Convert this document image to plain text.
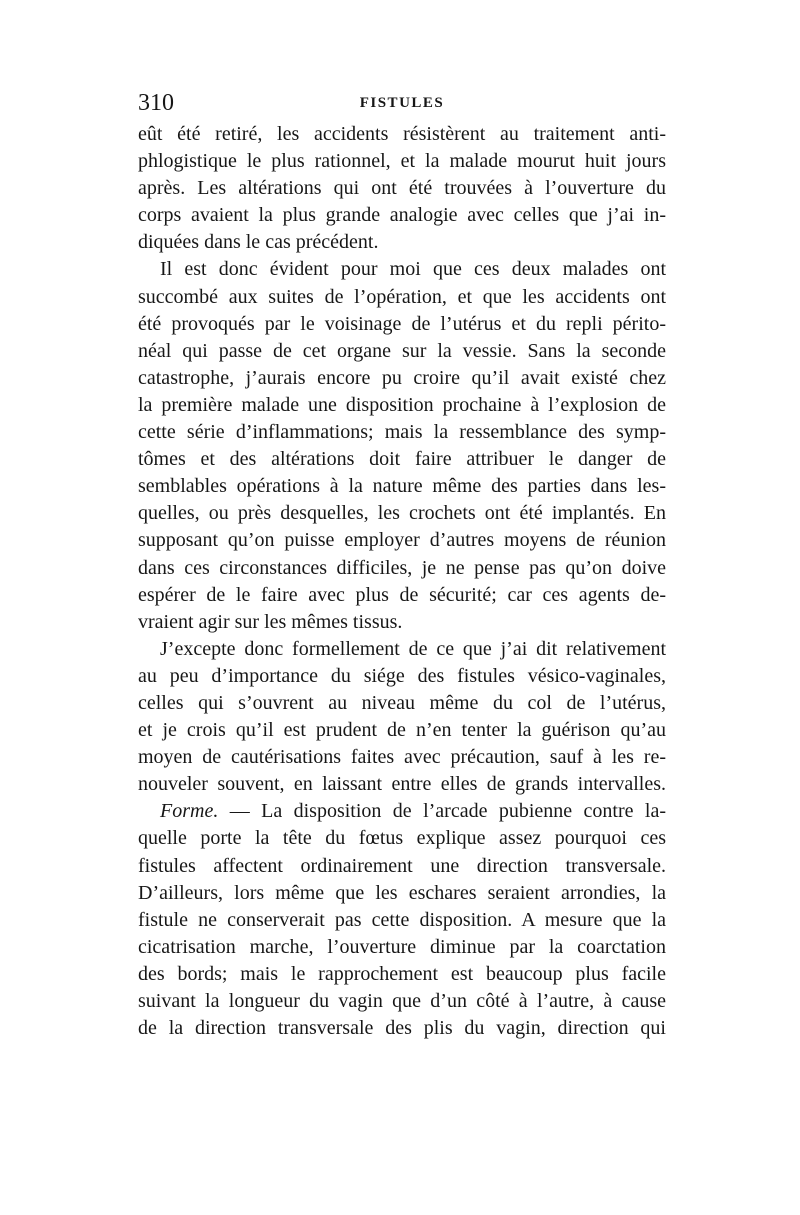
310	FISTULES
eût été retiré, les accidents résistèrent au traitement anti-
phlogistique le plus rationnel, et la malade mourut huit jours
après. Les altérations qui ont été trouvées à l’ouverture du
corps avaient la plus grande analogie avec celles que j’ai in-
diquées dans le cas précédent.
Il est donc évident pour moi que ces deux malades ont
succombé aux suites de l’opération, et que les accidents ont
été provoqués par le voisinage de l’utérus et du repli périto-
néal qui passe de cet organe sur la vessie. Sans la seconde
catastrophe, j’aurais encore pu croire qu’il avait existé chez
la première malade une disposition prochaine à l’explosion de
cette série d’inflammations; mais la ressemblance des symp-
tômes et des altérations doit faire attribuer le danger de
semblables opérations à la nature même des parties dans les-
quelles, ou près desquelles, les crochets ont été implantés. En
supposant qu’on puisse employer d’autres moyens de réunion
dans ces circonstances difficiles, je ne pense pas qu’on doive
espérer de le faire avec plus de sécurité; car ces agents de-
vraient agir sur les mêmes tissus.
J’excepte donc formellement de ce que j’ai dit relativement
au peu d’importance du siége des fistules vésico-vaginales,
celles qui s’ouvrent au niveau même du col de l’utérus,
et je crois qu’il est prudent de n’en tenter la guérison qu’au
moyen de cautérisations faites avec précaution, sauf à les re-
nouveler souvent, en laissant entre elles de grands intervalles.
Forme. — La disposition de l’arcade pubienne contre la-
quelle porte la tête du fœtus explique assez pourquoi ces
fistules affectent ordinairement une direction transversale.
D’ailleurs, lors même que les eschares seraient arrondies, la
fistule ne conserverait pas cette disposition. A mesure que la
cicatrisation marche, l’ouverture diminue par la coarctation
des bords; mais le rapprochement est beaucoup plus facile
suivant la longueur du vagin que d’un côté à l’autre, à cause
de la direction transversale des plis du vagin, direction qui
